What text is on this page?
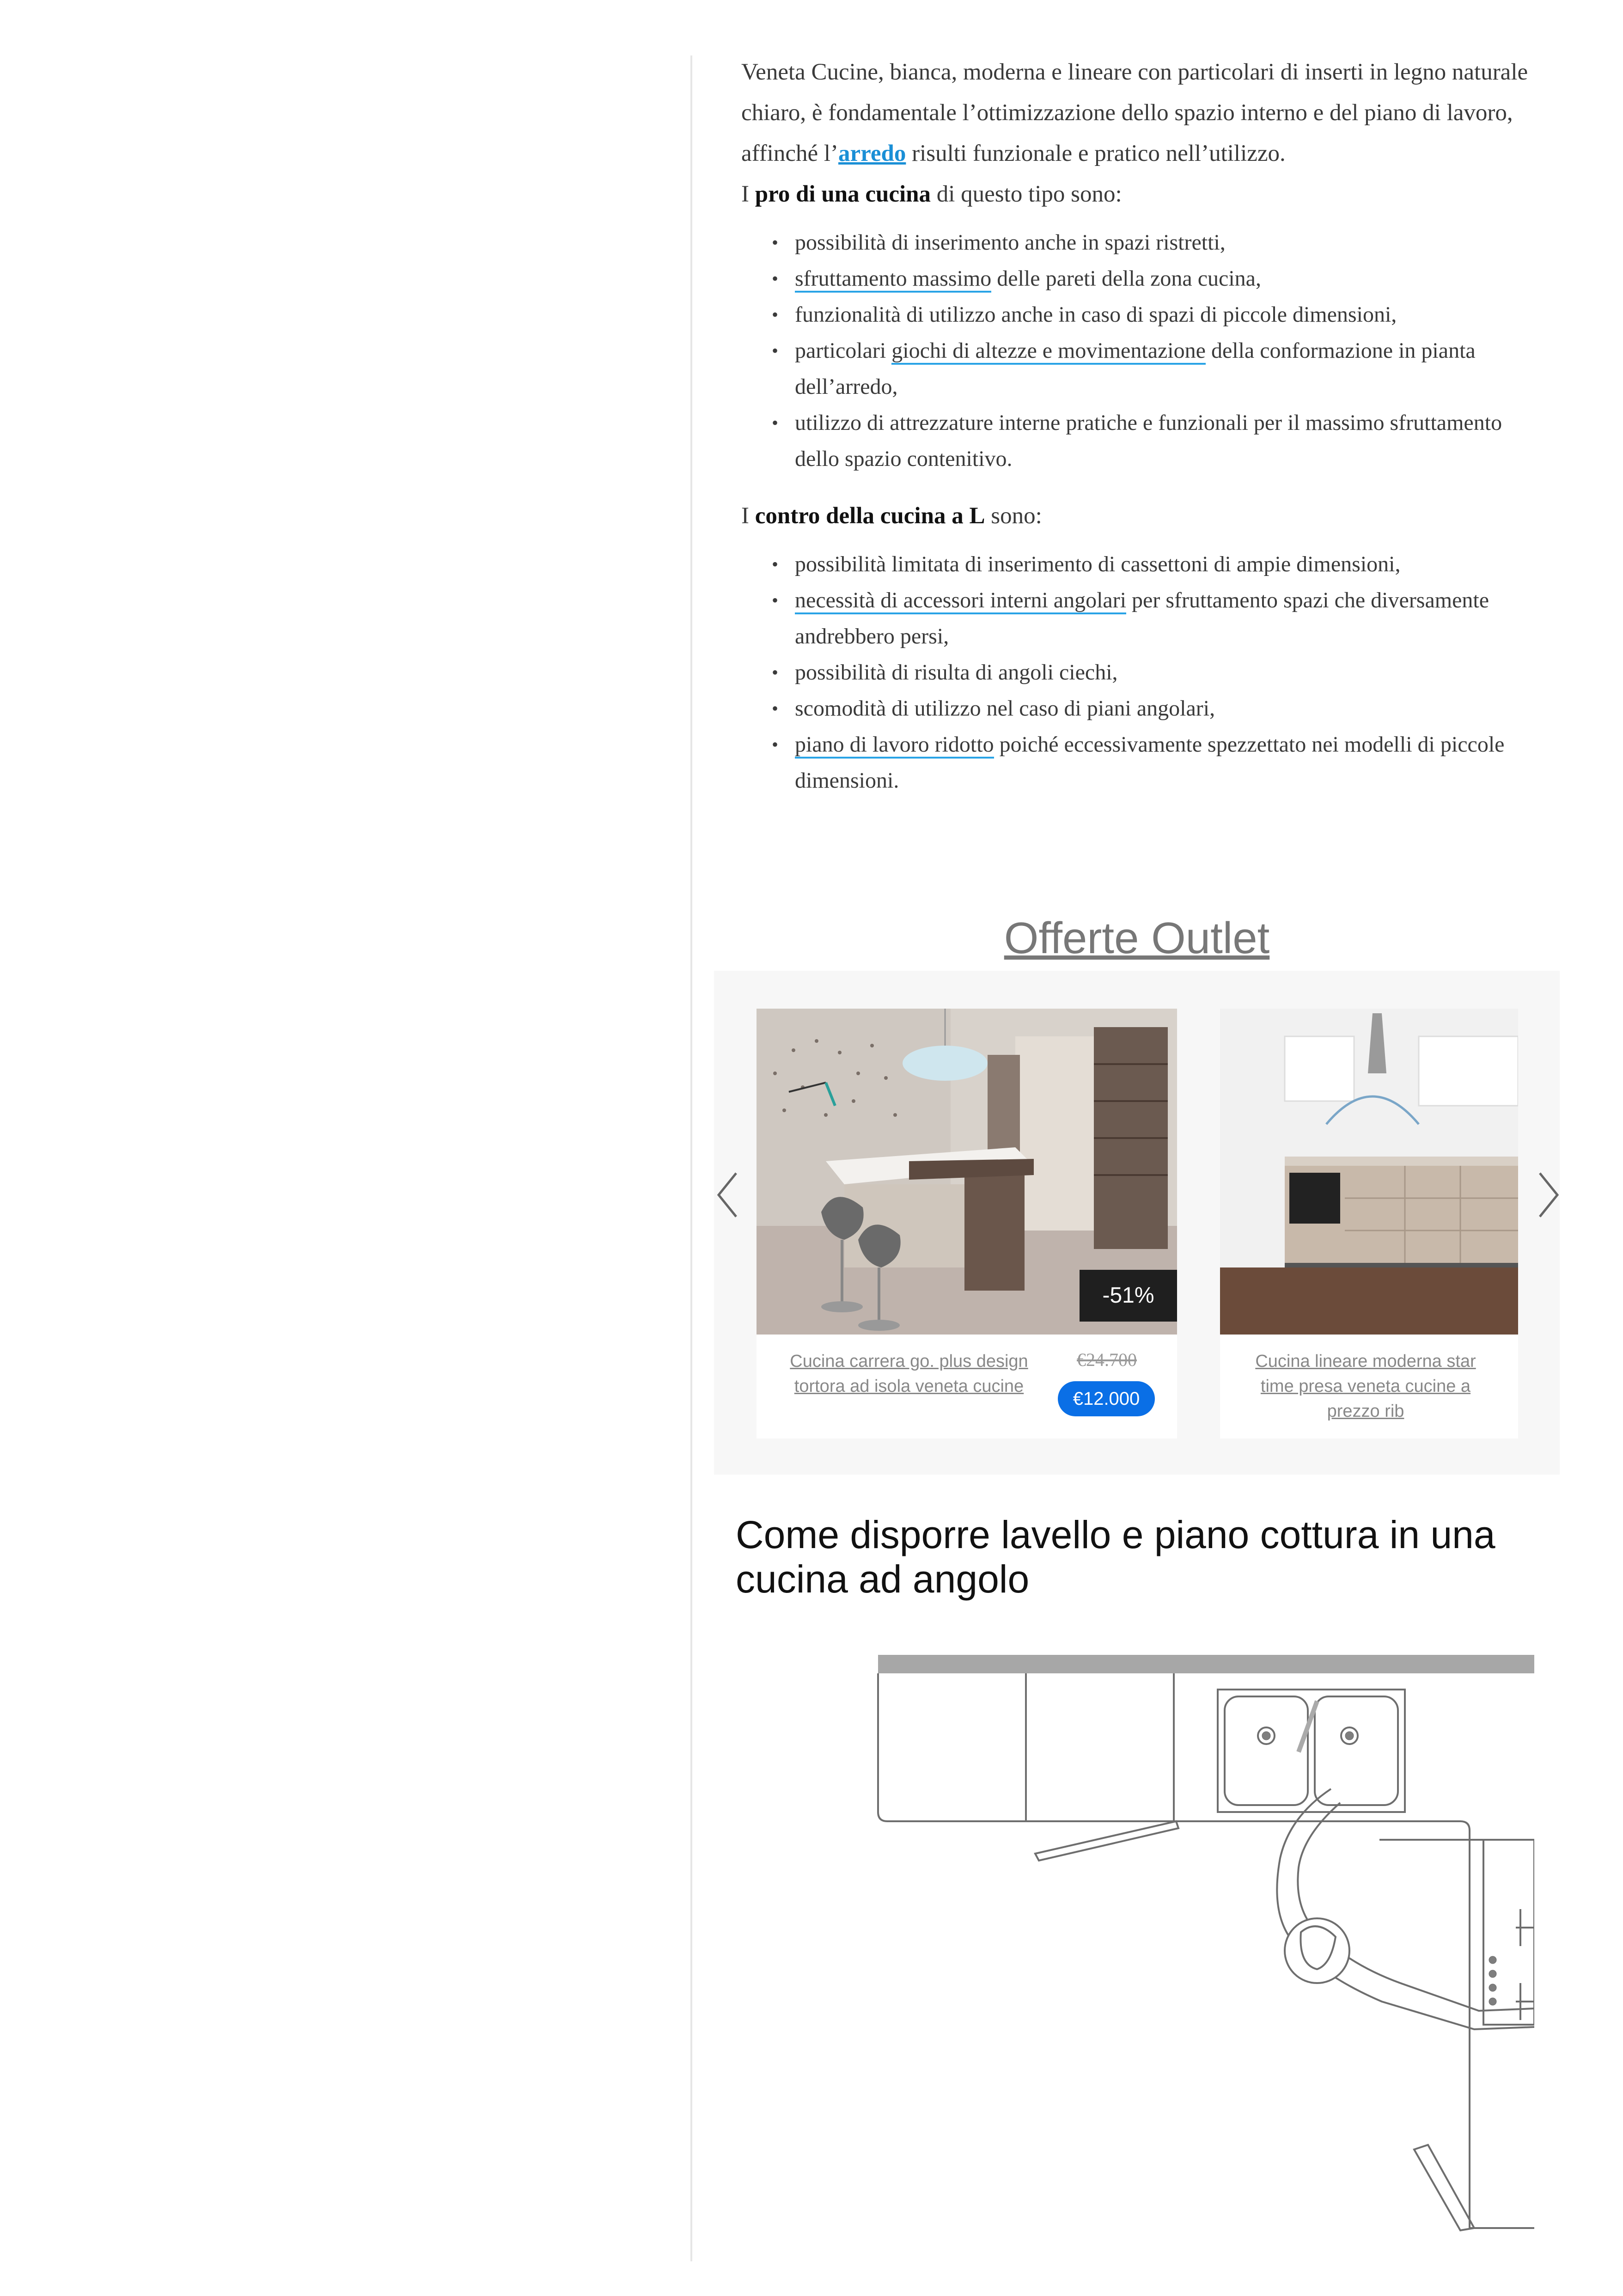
Veneta Cucine, bianca, moderna e lineare con particolari di inserti in legno naturale chiaro, è fondamentale l’ottimizzazione dello spazio interno e del piano di lavoro, affinché l’arredo risulti funzionale e pratico nell’utilizzo.

I pro di una cucina di questo tipo sono:

• possibilità di inserimento anche in spazi ristretti,
• sfruttamento massimo delle pareti della zona cucina,
• funzionalità di utilizzo anche in caso di spazi di piccole dimensioni,
• particolari giochi di altezze e movimentazione della conformazione in pianta dell’arredo,
• utilizzo di attrezzature interne pratiche e funzionali per il massimo sfruttamento dello spazio contenitivo.

I contro della cucina a L sono:

• possibilità limitata di inserimento di cassettoni di ampie dimensioni,
• necessità di accessori interni angolari per sfruttamento spazi che diversamente andrebbero persi,
• possibilità di risulta di angoli ciechi,
• scomodità di utilizzo nel caso di piani angolari,
• piano di lavoro ridotto poiché eccessivamente spezzettato nei modelli di piccole dimensioni.
Offerte Outlet
-51%
Cucina carrera go. plus design tortora ad isola veneta cucine
€24.700
€12.000
Cucina lineare moderna star time presa veneta cucine a prezzo rib
Come disporre lavello e piano cottura in una cucina ad angolo
